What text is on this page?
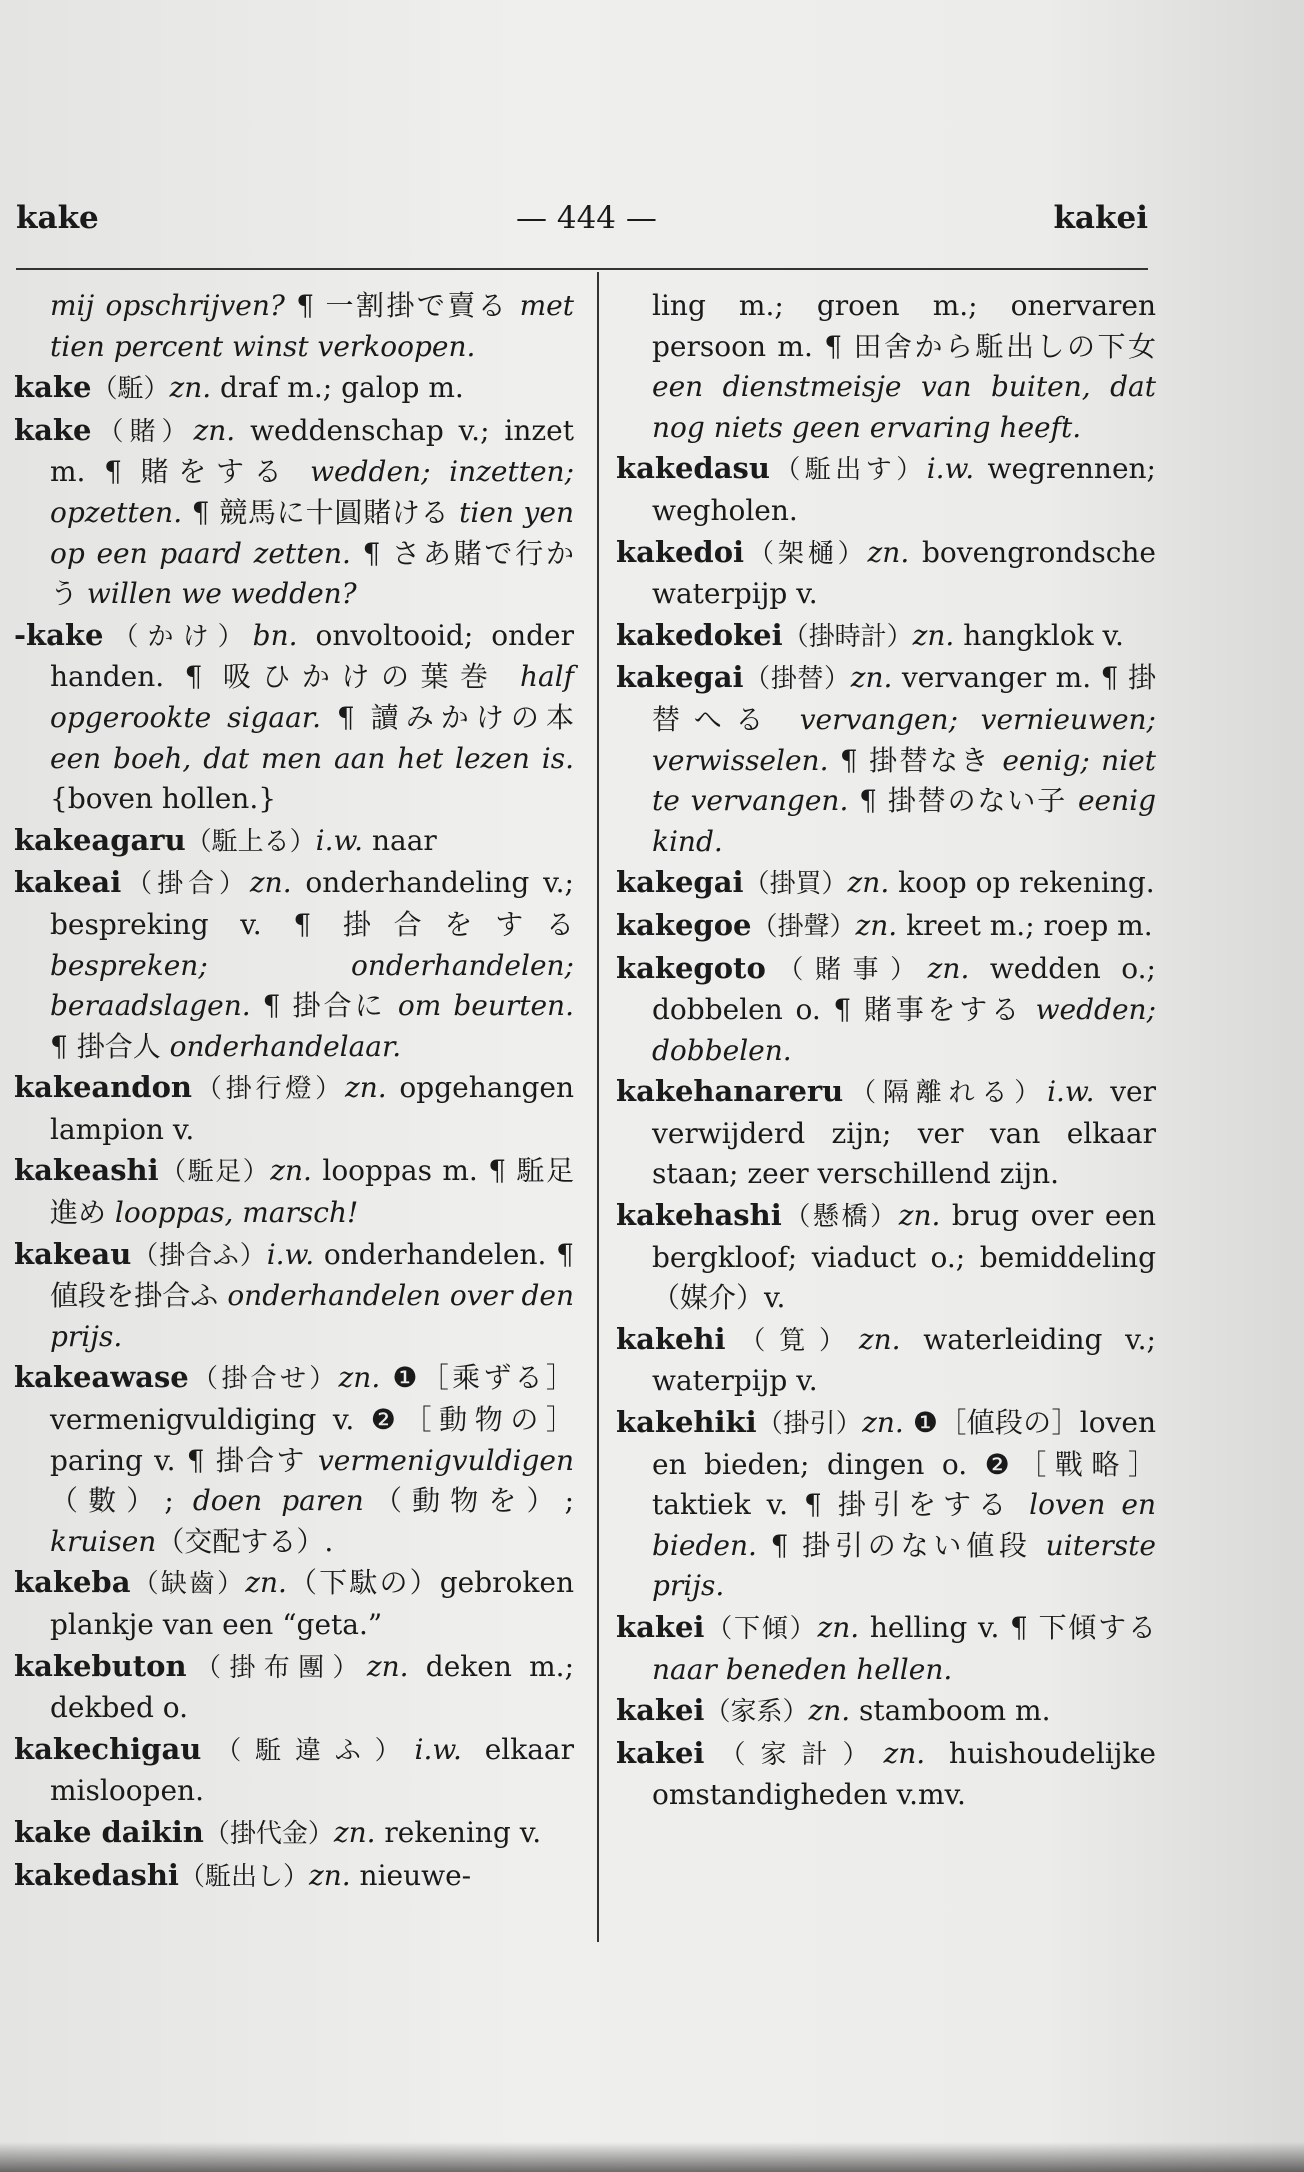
kake	— 444 —	kakei
mij opschrijven? ¶ 一割掛で賣る met tien percent winst verkoopen.
kake（駈）zn. draf m.; galop m.
kake（賭）zn. weddenschap v.; inzet m. ¶ 賭をする wedden; inzetten; opzetten. ¶ 競馬に十圓賭ける tien yen op een paard zetten. ¶ さあ賭で行かう willen we wedden?
-kake（かけ）bn. onvoltooid; onder handen. ¶ 吸ひかけの葉巻 half opgerookte sigaar. ¶ 讀みかけの本 een boeh, dat men aan het lezen is. {boven hollen.}
kakeagaru（駈上る）i.w. naar
kakeai（掛合）zn. onderhandeling v.; bespreking v. ¶ 掛合をする bespreken; onderhandelen; beraadslagen. ¶ 掛合に om beurten. ¶ 掛合人 onderhandelaar.
kakeandon（掛行燈）zn. opgehangen lampion v.
kakeashi（駈足）zn. looppas m. ¶ 駈足進め looppas, marsch!
kakeau（掛合ふ）i.w. onderhandelen. ¶ 値段を掛合ふ onderhandelen over den prijs.
kakeawase（掛合せ）zn. ❶［乘ずる］vermenigvuldiging v. ❷［動物の］paring v. ¶ 掛合す vermenigvuldigen（數）; doen paren（動物を）; kruisen（交配する）.
kakeba（缺齒）zn.（下駄の）gebroken plankje van een “geta.”
kakebuton（掛布團）zn. deken m.; dekbed o.
kakechigau（駈違ふ）i.w. elkaar misloopen.
kake daikin（掛代金）zn. rekening v.
kakedashi（駈出し）zn. nieuwe-
ling m.; groen m.; onervaren persoon m. ¶ 田舍から駈出しの下女 een dienstmeisje van buiten, dat nog niets geen ervaring heeft.
kakedasu（駈出す）i.w. wegrennen; wegholen.
kakedoi（架樋）zn. bovengrondsche waterpijp v.
kakedokei（掛時計）zn. hangklok v.
kakegai（掛替）zn. vervanger m. ¶ 掛替へる vervangen; vernieuwen; verwisselen. ¶ 掛替なき eenig; niet te vervangen. ¶ 掛替のない子 eenig kind.
kakegai（掛買）zn. koop op rekening.
kakegoe（掛聲）zn. kreet m.; roep m.
kakegoto（賭事）zn. wedden o.; dobbelen o. ¶ 賭事をする wedden; dobbelen.
kakehanareru（隔離れる）i.w. ver verwijderd zijn; ver van elkaar staan; zeer verschillend zijn.
kakehashi（懸橋）zn. brug over een bergkloof; viaduct o.; bemiddeling（媒介）v.
kakehi（筧）zn. waterleiding v.; waterpijp v.
kakehiki（掛引）zn. ❶［値段の］loven en bieden; dingen o. ❷［戰略］taktiek v. ¶ 掛引をする loven en bieden. ¶ 掛引のない値段 uiterste prijs.
kakei（下傾）zn. helling v. ¶ 下傾する naar beneden hellen.
kakei（家系）zn. stamboom m.
kakei（家計）zn. huishoudelijke omstandigheden v.mv.
